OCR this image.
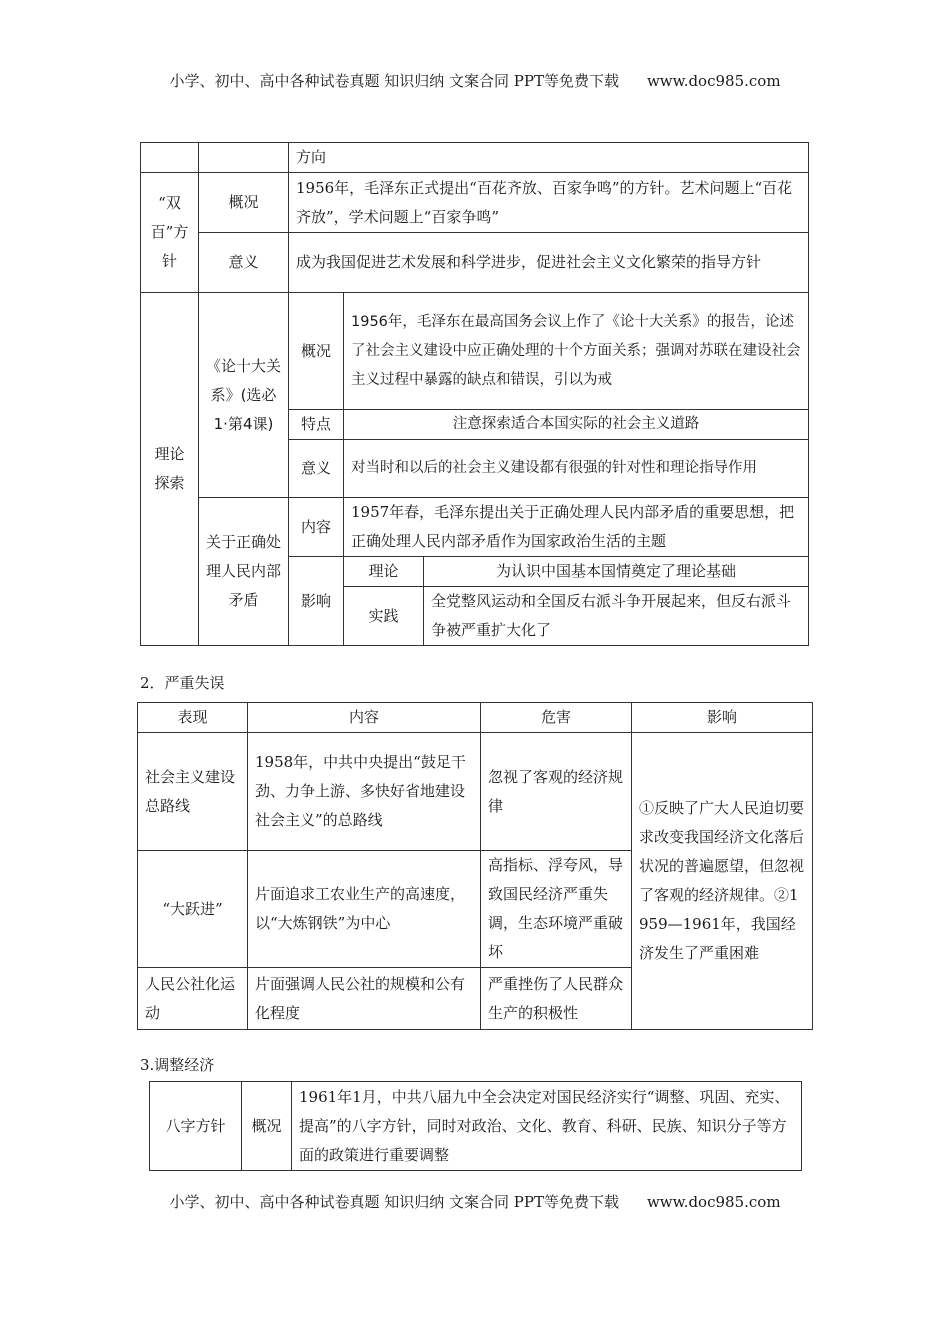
小学、初中、高中各种试卷真题 知识归纳 文案合同 PPT等免费下载 www.doc985.com
		方向		
“双百”方针	概况	1956年，毛泽东正式提出“百花齐放、百家争鸣”的方针。艺术问题上“百花齐放”，学术问题上“百家争鸣”		
	意义	成为我国促进艺术发展和科学进步，促进社会主义文化繁荣的指导方针		
理论探索	《论十大关系》(选必1·第4课)	概况	1956年，毛泽东在最高国务会议上作了《论十大关系》的报告，论述了社会主义建设中应正确处理的十个方面关系；强调对苏联在建设社会主义过程中暴露的缺点和错误，引以为戒	
		特点	注意探索适合本国实际的社会主义道路	
		意义	对当时和以后的社会主义建设都有很强的针对性和理论指导作用	
	关于正确处理人民内部矛盾	内容	1957年春，毛泽东提出关于正确处理人民内部矛盾的重要思想，把正确处理人民内部矛盾作为国家政治生活的主题	
		影响	理论	为认识中国基本国情奠定了理论基础
			实践	全党整风运动和全国反右派斗争开展起来，但反右派斗争被严重扩大化了
2．严重失误
表现	内容	危害	影响
社会主义建设总路线	1958年，中共中央提出“鼓足干劲、力争上游、多快好省地建设社会主义”的总路线	忽视了客观的经济规律	①反映了广大人民迫切要求改变我国经济文化落后状况的普遍愿望，但忽视了客观的经济规律。②1959—1961年，我国经济发生了严重困难
“大跃进”	片面追求工农业生产的高速度，以“大炼钢铁”为中心	高指标、浮夸风，导致国民经济严重失调，生态环境严重破坏	
人民公社化运动	片面强调人民公社的规模和公有化程度	严重挫伤了人民群众生产的积极性	
3.调整经济
八字方针	概况	1961年1月，中共八届九中全会决定对国民经济实行“调整、巩固、充实、提高”的八字方针，同时对政治、文化、教育、科研、民族、知识分子等方面的政策进行重要调整
小学、初中、高中各种试卷真题 知识归纳 文案合同 PPT等免费下载 www.doc985.com
